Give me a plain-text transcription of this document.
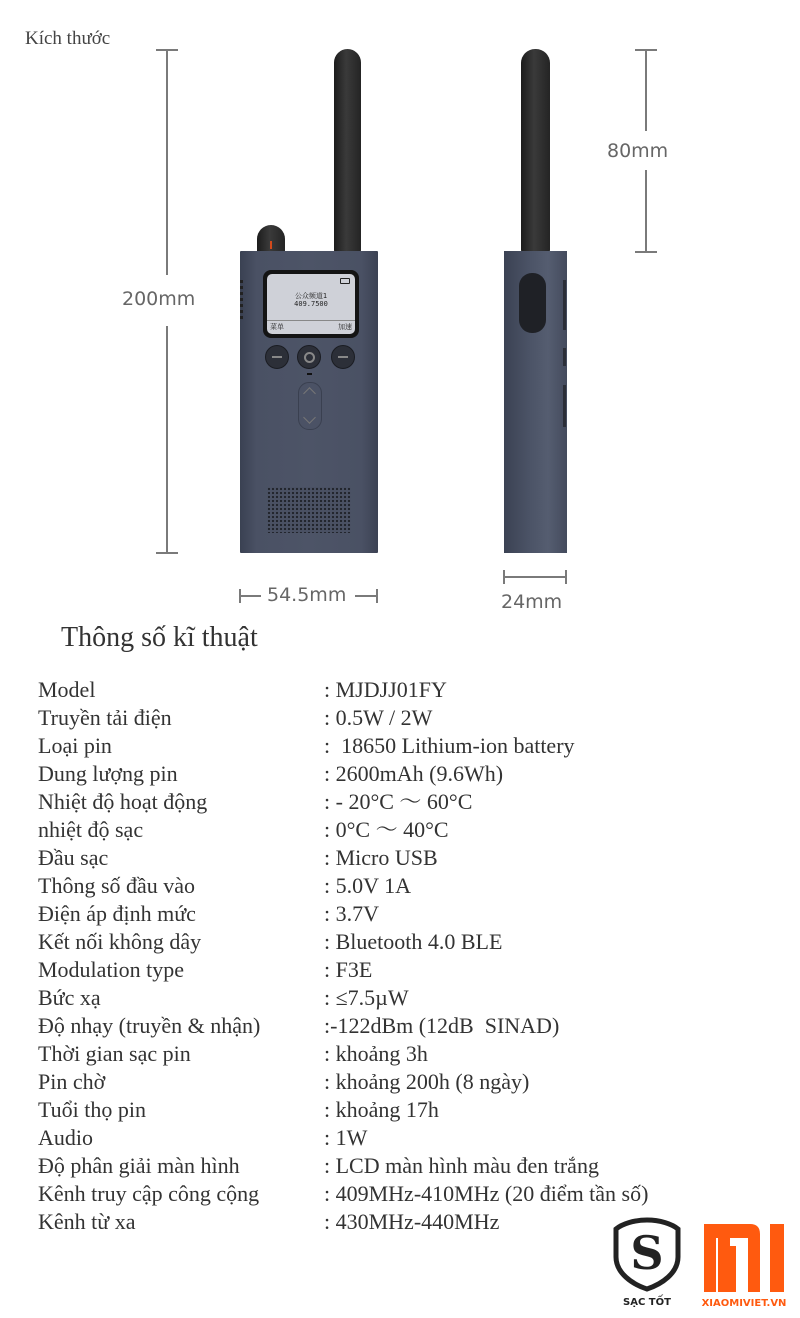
Kích thước
200mm	公众频道1
409.7500
菜单	加速
54.5mm
80mm
24mm
Thông số kĩ thuật
Model	: MJDJJ01FY
Truyền tải điện	: 0.5W / 2W
Loại pin	:  18650 Lithium-ion battery
Dung lượng pin	: 2600mAh (9.6Wh)
Nhiệt độ hoạt động	: - 20°C 〜 60°C
nhiệt độ sạc	: 0°C 〜 40°C
Đầu sạc	: Micro USB
Thông số đầu vào	: 5.0V 1A
Điện áp định mức	: 3.7V
Kết nối không dây	: Bluetooth 4.0 BLE
Modulation type	: F3E
Bức xạ	: ≤7.5µW
Độ nhạy (truyền & nhận)	:-122dBm (12dB  SINAD)
Thời gian sạc pin	: khoảng 3h
Pin chờ	: khoảng 200h (8 ngày)
Tuổi thọ pin	: khoảng 17h
Audio	: 1W
Độ phân giải màn hình	: LCD màn hình màu đen trắng
Kênh truy cập công cộng	: 409MHz-410MHz (20 điểm tần số)
Kênh từ xa	: 430MHz-440MHz
S
SẠC TỐT	XIAOMIVIET.VN
